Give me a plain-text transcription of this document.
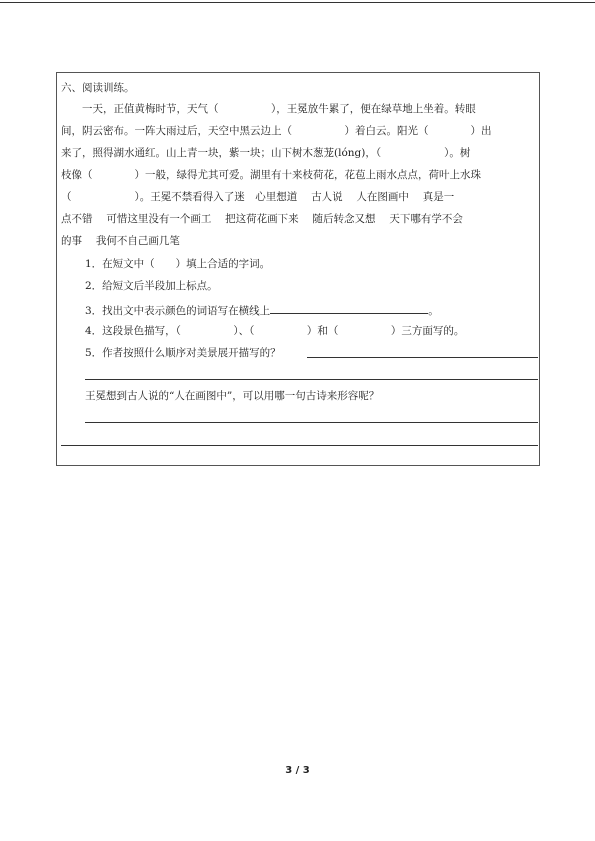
六、阅读训练。
　　一天，正值黄梅时节，天气（　　　　　），王冕放牛累了，便在绿草地上坐着。转眼
间，阴云密布。一阵大雨过后，天空中黑云边上（　　　　　）着白云。阳光（　　　　）出
来了，照得湖水通红。山上青一块，紫一块；山下树木葱茏(lóng)，（　　　　　　）。树
枝像（　　　　）一般，绿得尤其可爱。湖里有十来枝荷花，花苞上雨水点点，荷叶上水珠
（　　　　　　）。王冕不禁看得入了迷　心里想道　 古人说 　人在图画中 　真是一
点不错　 可惜这里没有一个画工 　把这荷花画下来 　随后转念又想 　天下哪有学不会
的事 　我何不自己画几笔
1．在短文中（　　）填上合适的字词。
2．给短文后半段加上标点。
3．找出文中表示颜色的词语写在横线上	。
4．这段景色描写，（　　　　　）、（　　　　　）和（　　　　　）三方面写的。
5．作者按照什么顺序对美景展开描写的？
王冕想到古人说的“人在画图中”，可以用哪一句古诗来形容呢？
3 / 3
